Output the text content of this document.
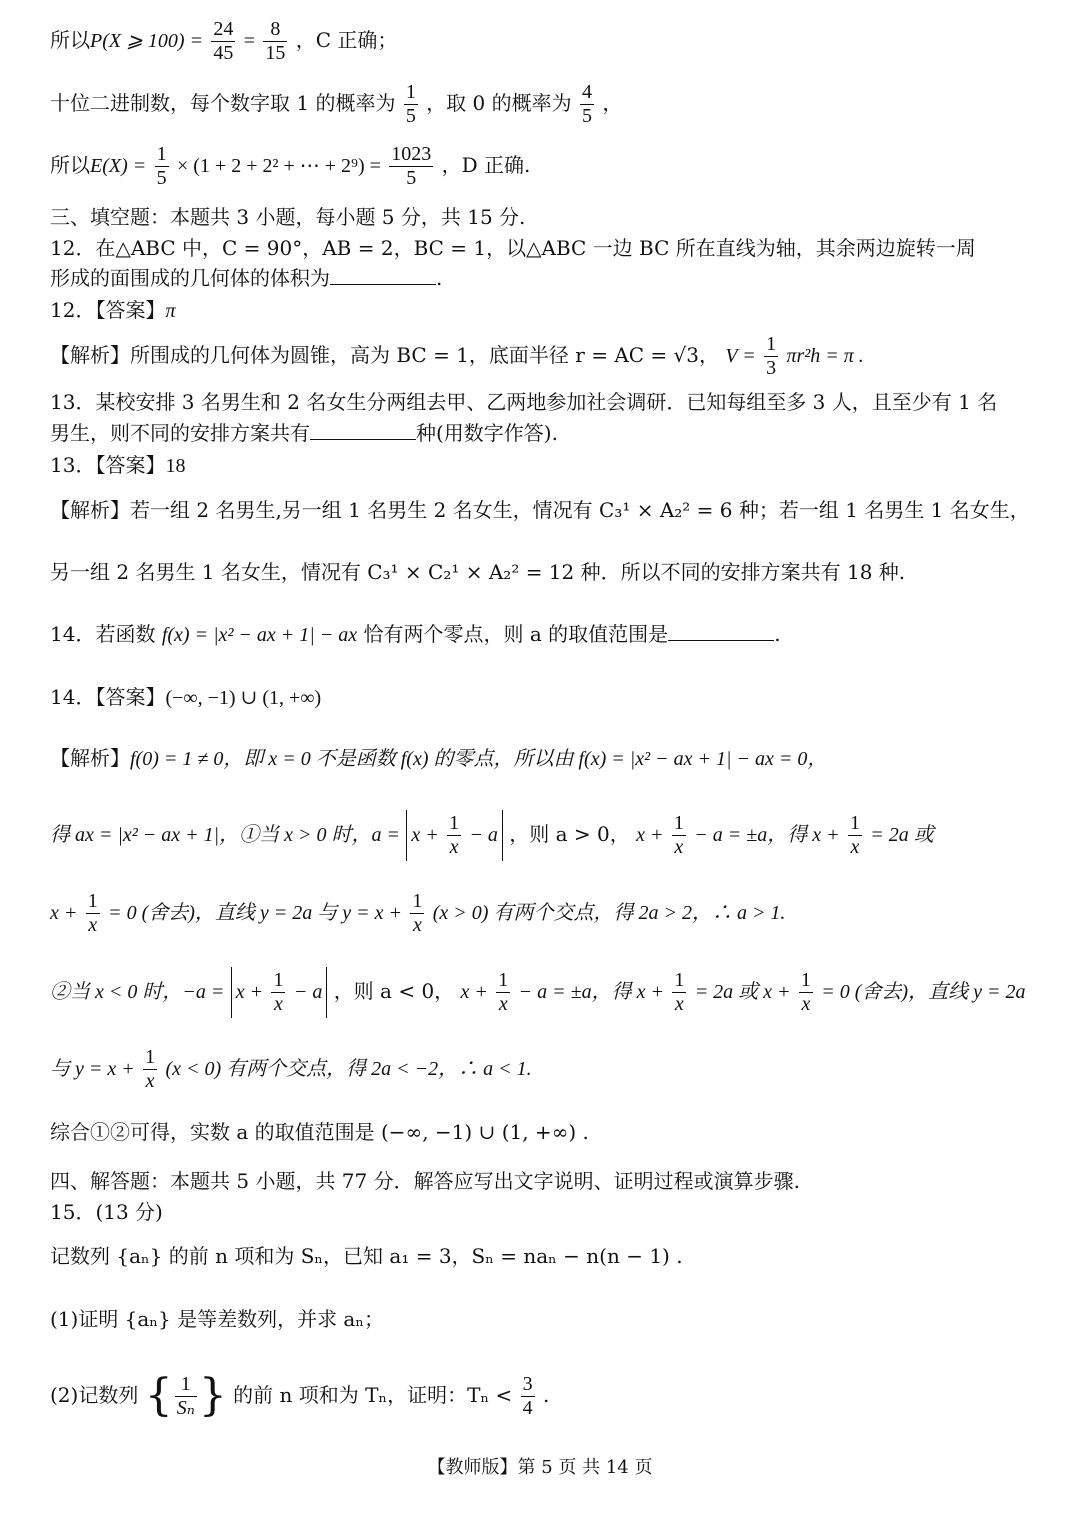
所以P(X ⩾ $100) = \frac{24}{45} = \frac{8}{15}$ ，C 正确；
十位二进制数，每个数字取 1 的概率为 $\frac{1}{5}$ ，取 0 的概率为 $\frac{4}{5}$ ，
所以$E(X) = \frac{1}{5} \times (1 + 2 + 2^2$ + ⋯ + $2^9) = \frac{1023}{5}$ ，D 正确.
三、填空题：本题共 3 小题，每小题 5 分，共 15 分.
12．在△ABC 中，C = 90°，AB = 2，BC = 1，以△ABC 一边 BC 所在直线为轴，其余两边旋转一周
形成的面围成的几何体的体积为	.
12．【答案】π
【解析】所围成的几何体为圆锥，高为 BC = 1，底面半径 r = AC = √3， $V = \frac{1}{3} \pi r^2h = \pi$ .
13．某校安排 3 名男生和 2 名女生分两组去甲、乙两地参加社会调研．已知每组至多 3 人，且至少有 1 名
男生，则不同的安排方案共有	种(用数字作答).
13．【答案】18
【解析】若一组 2 名男生,另一组 1 名男生 2 名女生，情况有 C₃¹ × A₂² = 6 种；若一组 1 名男生 1 名女生，
另一组 2 名男生 1 名女生，情况有 C₃¹ × C₂¹ × A₂² = 12 种．所以不同的安排方案共有 18 种.
14．若函数 f(x) = |x² − ax + 1| − ax 恰有两个零点，则 a 的取值范围是	.
14．【答案】(−∞, −1) ∪ (1, +∞)
【解析】f(0) = 1 ≠ 0，即 x = 0 不是函数 f(x) 的零点，所以由 f(x) = |x² − ax + 1| − ax = 0，
得 ax = |x² − ax + 1|，①当 x > 0 时，$a = x + \frac{1}{x} - a$ ，则 a > 0， $x + \frac{1}{x} - a = \pm a$，得 $x + \frac{1}{x} = 2a$ 或
$x + \frac{1}{x} = 0$ (舍去)，直线 y = 2a 与 $y = x + \frac{1}{x} (x > 0)$ 有两个交点，得 2a > 2，∴ a > 1.
②当 x < 0 时，$-a = x + \frac{1}{x} - a$ ，则 a < 0， $x + \frac{1}{x} - a = \pm a$，得 $x + \frac{1}{x} = 2a$ 或 $x + \frac{1}{x} = 0$ (舍去)，直线 y = 2a
与 $y = x + \frac{1}{x} (x < 0)$ 有两个交点，得 2a < −2，∴ a < 1.
综合①②可得，实数 a 的取值范围是 (−∞, −1) ∪ (1, +∞) .
四、解答题：本题共 5 小题，共 77 分．解答应写出文字说明、证明过程或演算步骤.
15．(13 分)
记数列 {aₙ} 的前 n 项和为 Sₙ，已知 a₁ = 3，Sₙ = naₙ − n(n − 1) .
(1)证明 {aₙ} 是等差数列，并求 aₙ；
(2)记数列 { $\frac{1}{\text{Sₙ}}$ } 的前 n 项和为 Tₙ，证明：$T_n < \frac{3}{4}$ .
【教师版】第 5 页 共 14 页
